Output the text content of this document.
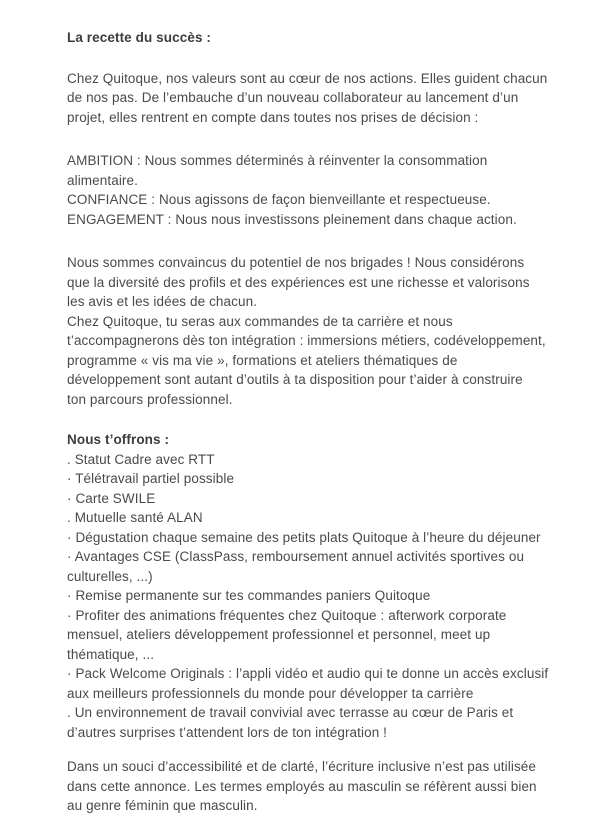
La recette du succès :
Chez Quitoque, nos valeurs sont au cœur de nos actions. Elles guident chacun
de nos pas. De l’embauche d’un nouveau collaborateur au lancement d’un
projet, elles rentrent en compte dans toutes nos prises de décision :
AMBITION : Nous sommes déterminés à réinventer la consommation
alimentaire.
CONFIANCE : Nous agissons de façon bienveillante et respectueuse.
ENGAGEMENT : Nous nous investissons pleinement dans chaque action.
Nous sommes convaincus du potentiel de nos brigades ! Nous considérons
que la diversité des profils et des expériences est une richesse et valorisons
les avis et les idées de chacun.
Chez Quitoque, tu seras aux commandes de ta carrière et nous
t’accompagnerons dès ton intégration : immersions métiers, codéveloppement,
programme « vis ma vie », formations et ateliers thématiques de
développement sont autant d’outils à ta disposition pour t’aider à construire
ton parcours professionnel.
Nous t’offrons :
. Statut Cadre avec RTT
· Télétravail partiel possible
· Carte SWILE
. Mutuelle santé ALAN
· Dégustation chaque semaine des petits plats Quitoque à l’heure du déjeuner
· Avantages CSE (ClassPass, remboursement annuel activités sportives ou
culturelles, ...)
· Remise permanente sur tes commandes paniers Quitoque
· Profiter des animations fréquentes chez Quitoque : afterwork corporate
mensuel, ateliers développement professionnel et personnel, meet up
thématique, ...
· Pack Welcome Originals : l’appli vidéo et audio qui te donne un accès exclusif
aux meilleurs professionnels du monde pour développer ta carrière
. Un environnement de travail convivial avec terrasse au cœur de Paris et
d’autres surprises t’attendent lors de ton intégration !
Dans un souci d’accessibilité et de clarté, l’écriture inclusive n’est pas utilisée
dans cette annonce. Les termes employés au masculin se réfèrent aussi bien
au genre féminin que masculin.
